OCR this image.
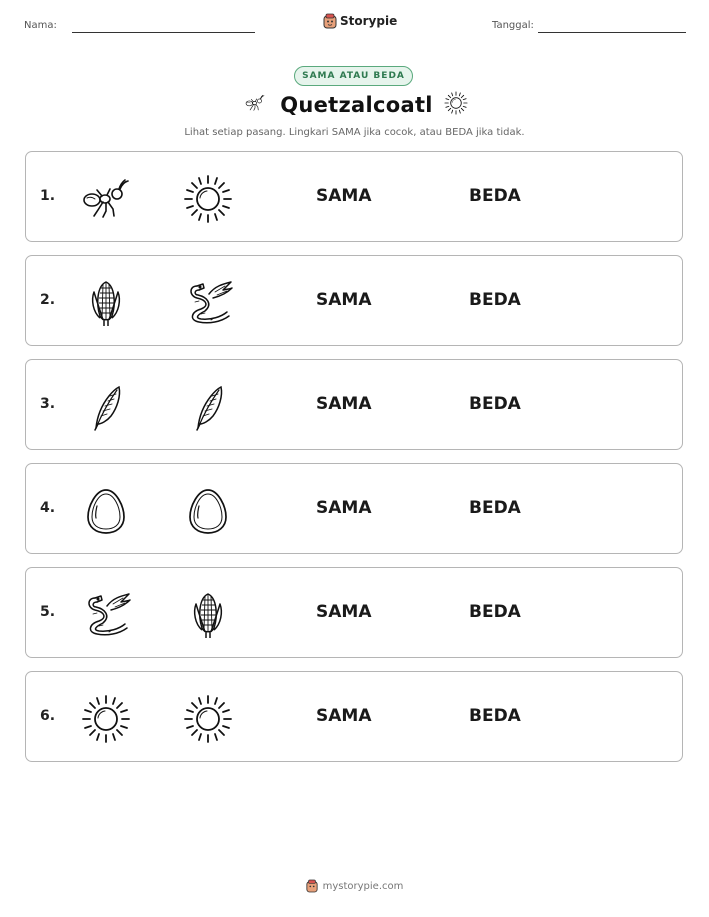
Nama:	Storypie	Tanggal:
SAMA ATAU BEDA
Quetzalcoatl
Lihat setiap pasang. Lingkari SAMA jika cocok, atau BEDA jika tidak.
1.	SAMA	BEDA
2.	SAMA	BEDA
3.	SAMA	BEDA
4.	SAMA	BEDA
5.	SAMA	BEDA
6.	SAMA	BEDA
mystorypie.com
